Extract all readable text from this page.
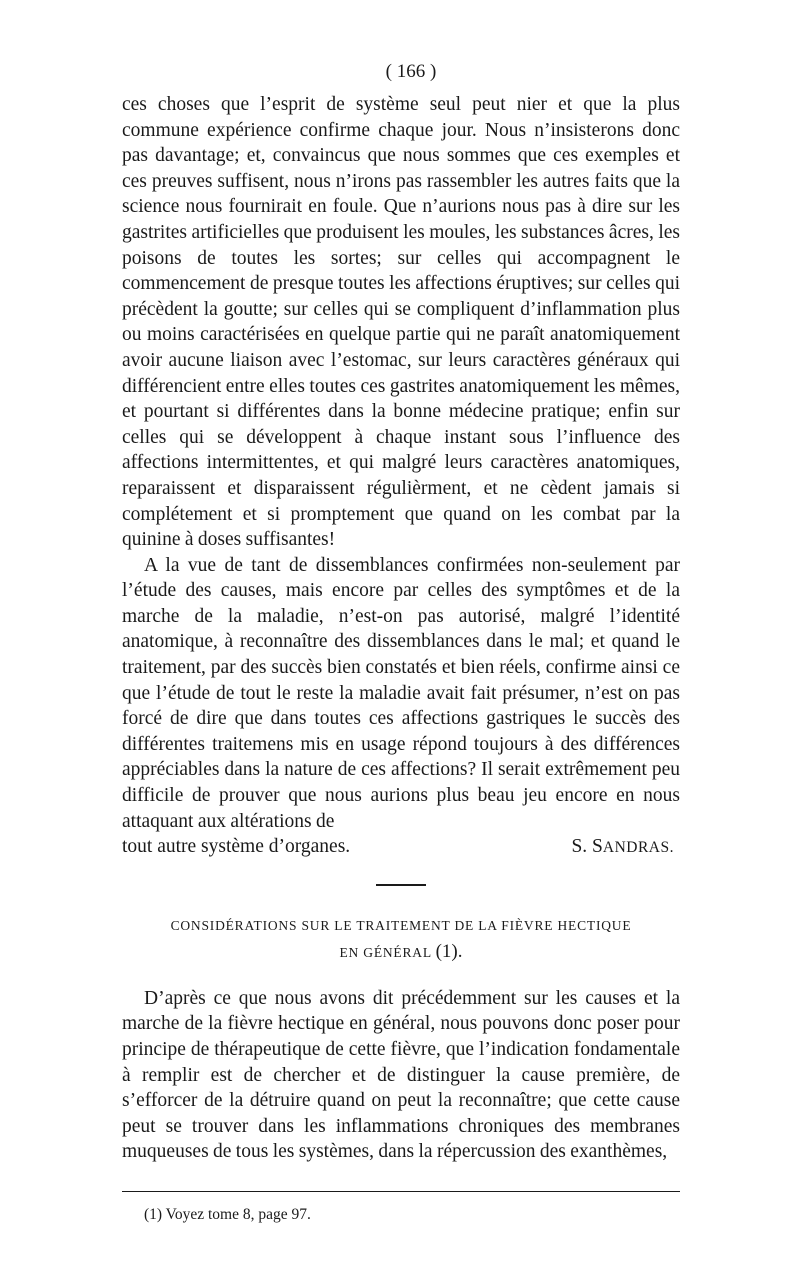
( 166 )

ces choses que l’esprit de système seul peut nier et que la plus commune expérience confirme chaque jour. Nous n’insisterons donc pas davantage; et, convaincus que nous sommes que ces exemples et ces preuves suffisent, nous n’irons pas rassembler les autres faits que la science nous fournirait en foule. Que n’aurions nous pas à dire sur les gastrites artificielles que produisent les moules, les substances âcres, les poisons de toutes les sortes; sur celles qui accompagnent le commencement de presque toutes les affections éruptives; sur celles qui précèdent la goutte; sur celles qui se compliquent d’inflammation plus ou moins caractérisées en quelque partie qui ne paraît anatomiquement avoir aucune liaison avec l’estomac, sur leurs caractères généraux qui différencient entre elles toutes ces gastrites anatomiquement les mêmes, et pourtant si différentes dans la bonne médecine pratique; enfin sur celles qui se développent à chaque instant sous l’influence des affections intermittentes, et qui malgré leurs caractères anatomiques, reparaissent et disparaissent régulièrment, et ne cèdent jamais si complétement et si promptement que quand on les combat par la quinine à doses suffisantes!

A la vue de tant de dissemblances confirmées non-seulement par l’étude des causes, mais encore par celles des symptômes et de la marche de la maladie, n’est-on pas autorisé, malgré l’identité anatomique, à reconnaître des dissemblances dans le mal; et quand le traitement, par des succès bien constatés et bien réels, confirme ainsi ce que l’étude de tout le reste la maladie avait fait présumer, n’est on pas forcé de dire que dans toutes ces affections gastriques le succès des différentes traitemens mis en usage répond toujours à des différences appréciables dans la nature de ces affections? Il serait extrêmement peu difficile de prouver que nous aurions plus beau jeu encore en nous attaquant aux altérations de

tout autre système d’organes.	S. SANDRAS.
CONSIDÉRATIONS SUR LE TRAITEMENT DE LA FIÈVRE HECTIQUE
EN GÉNÉRAL (1).

D’après ce que nous avons dit précédemment sur les causes et la marche de la fièvre hectique en général, nous pouvons donc poser pour principe de thérapeutique de cette fièvre, que l’indication fondamentale à remplir est de chercher et de distinguer la cause première, de s’efforcer de la détruire quand on peut la reconnaître; que cette cause peut se trouver dans les inflammations chroniques des membranes muqueuses de tous les systèmes, dans la répercussion des exanthèmes,

(1) Voyez tome 8, page 97.
